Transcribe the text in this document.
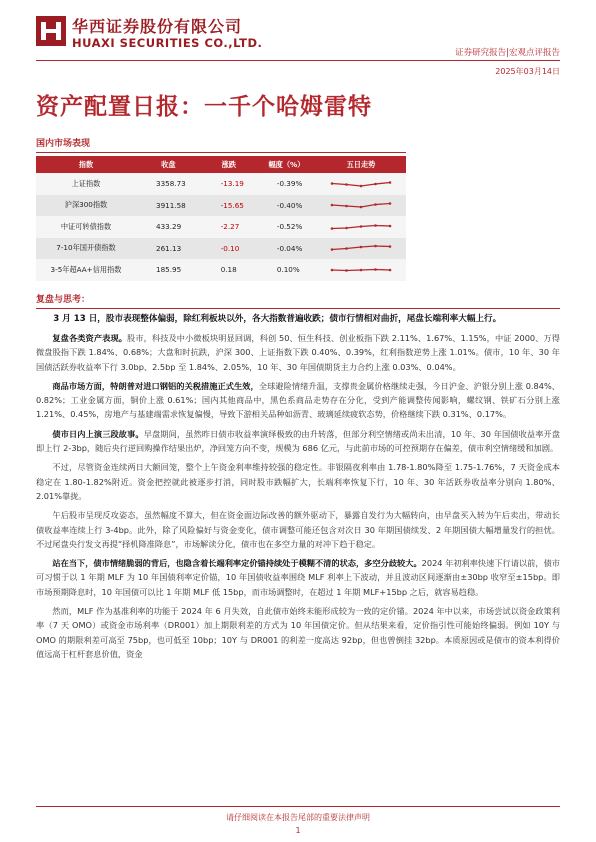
华西证券股份有限公司
HUAXI SECURITIES CO.,LTD.
证券研究报告|宏观点评报告
2025年03月14日
资产配置日报：一千个哈姆雷特
国内市场表现
指数	收盘	涨跌	幅度（%）	五日走势
上证指数	3358.73	-13.19	-0.39%	

沪深300指数	3911.58	-15.65	-0.40%	

中证可转债指数	433.29	-2.27	-0.52%	

7-10年国开债指数	261.13	-0.10	-0.04%	

3-5年超AA+信用指数	185.95	0.18	0.10%	
复盘与思考：

3 月 13 日，股市表现整体偏弱，除红利板块以外，各大指数普遍收跌；债市行情相对曲折，尾盘长端利率大幅上行。

复盘各类资产表现。股市，科技及中小微板块明显回调，科创 50、恒生科技、创业板指下跌 2.11%、1.67%、1.15%，中证 2000、万得微盘股指下跌 1.84%、0.68%；大盘和时抗跌，沪深 300、上证指数下跌 0.40%、0.39%，红利指数逆势上涨 1.01%。债市，10 年、30 年国债活跃券收益率下行 3.0bp、2.5bp 至 1.84%、2.05%，10 年、30 年国债期货主力合约上涨 0.03%、0.04%。

商品市场方面，特朗普对进口钢铝的关税措施正式生效，全球避险情绪升温，支撑贵金属价格继续走强，今日沪金、沪银分别上涨 0.84%、0.82%；工业金属方面，铜价上涨 0.61%；国内其他商品中，黑色系商品走势存在分化，受到产能调整传闻影响，螺纹钢、铁矿石分别上涨 1.21%、0.45%，房地产与基建端需求恢复偏慢，导致下游相关品种如沥青、玻璃延续疲软态势，价格继续下跌 0.31%、0.17%。

债市日内上演三段故事。早盘期间，虽然昨日债市收益率演绎极致的由升转落，但部分利空情绪或尚未出清，10 年、30 年国债收益率开盘即上行 2-3bp，随后央行逆回购操作结果出炉，净回笼方向不变，规模为 686 亿元，与此前市场的可控预期存在偏差，债市利空情绪缓和加剧。

不过，尽管资金连续两日大额回笼，整个上午资金利率维持较强的稳定性。非银隔夜利率由 1.78-1.80%降至 1.75-1.76%，7 天资金成本稳定在 1.80-1.82%附近。资金把控就此被逐步打消，同时股市跌幅扩大，长端利率恢复下行，10 年、30 年活跃券收益率分别向 1.80%、2.01%靠拢。

午后股市呈现反攻姿态，虽然幅度不算大，但在资金面边际改善的额外驱动下，暴露自发行为大幅转向，由早盘买入转为午后卖出，带动长债收益率连续上行 3-4bp。此外，除了风险偏好与资金变化，债市调整可能还包含对次日 30 年期国债续发、2 年期国债大幅增量发行的担忧。不过尾盘央行发文再提“择机降准降息”，市场解读分化，债市也在多空力量的对冲下趋于稳定。

站在当下，债市情绪脆弱的背后，也隐含着长端利率定价锚持续处于模糊不清的状态，多空分歧较大。2024 年初利率快速下行请以前，债市可习惯于以 1 年期 MLF 为 10 年国债利率定价锚，10 年国债收益率围绕 MLF 利率上下波动，并且波动区间逐渐由±30bp 收窄至±15bp。即市场预期降息时，10 年国债可以比 1 年期 MLF 低 15bp，而市场调整时，在超过 1 年期 MLF+15bp 之后，就容易趋稳。

然而，MLF 作为基准利率的功能于 2024 年 6 月失效，自此债市始终未能形成较为一致的定价锚。2024 年中以来，市场尝试以资金政策利率（7 天 OMO）或资金市场利率（DR001）加上期限利差的方式为 10 年国债定价。但从结果来看，定价指引性可能始终偏弱。例如 10Y 与 OMO 的期限利差可高至 75bp，也可低至 10bp；10Y 与 DR001 的利差一度高达 92bp，但也曾倒挂 32bp。本质原因或是债市的资本利得价值远高于杠杆套息价值，资金

请仔细阅读在本报告尾部的重要法律声明
1
